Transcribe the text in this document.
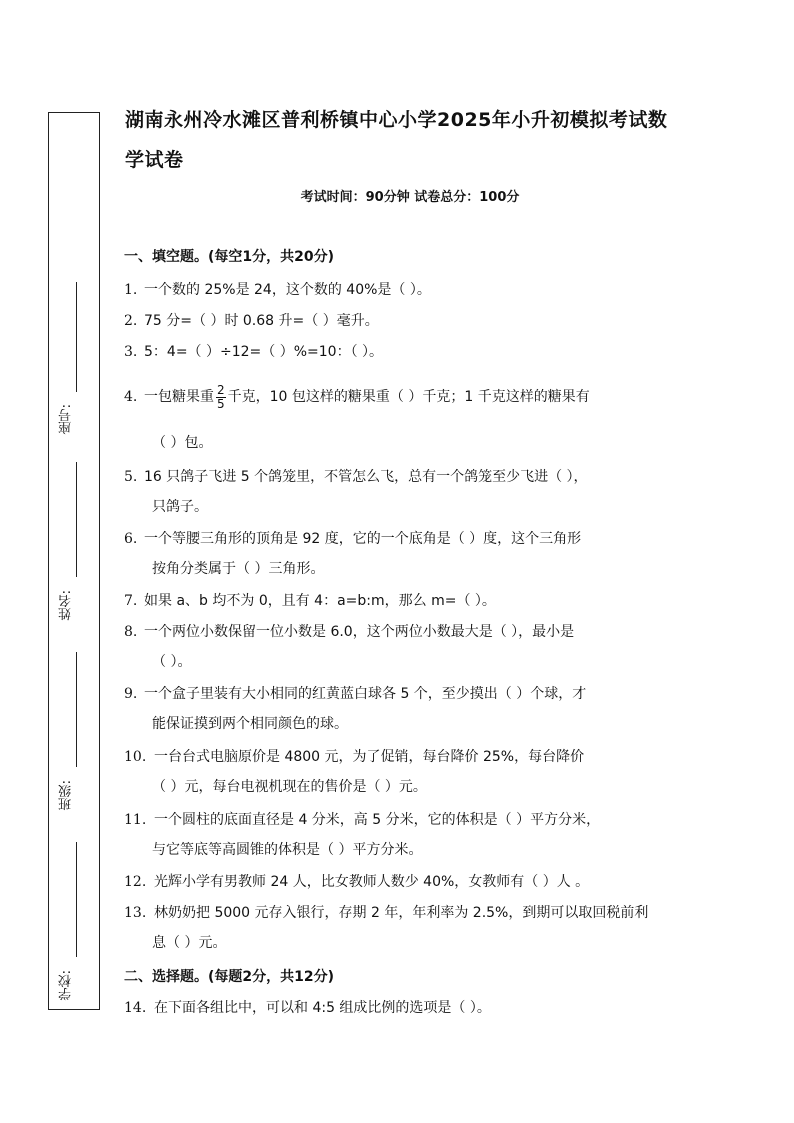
座号:
姓名:
班级:
学校:
湖南永州冷水滩区普利桥镇中心小学2025年小升初模拟考试数
学试卷
考试时间：90分钟 试卷总分：100分
一、填空题。(每空1分，共20分)
1. 一个数的 25%是 24，这个数的 40%是（ ）。
2. 75 分=（ ）时 0.68 升=（ ）毫升。
3. 5：4=（ ）÷12=（ ）%=10：（ ）。
4. 一包糖果重 $\frac{2}{5}$ 千克，10 包这样的糖果重（ ）千克；1 千克这样的糖果有
（ ）包。
5. 16 只鸽子飞进 5 个鸽笼里，不管怎么飞，总有一个鸽笼至少飞进（ ），
只鸽子。
6. 一个等腰三角形的顶角是 92 度，它的一个底角是（ ）度，这个三角形
按角分类属于（ ）三角形。
7. 如果 a、b 均不为 0，且有 4：a=b:m，那么 m=（ ）。
8. 一个两位小数保留一位小数是 6.0，这个两位小数最大是（ ），最小是
（ ）。
9. 一个盒子里装有大小相同的红黄蓝白球各 5 个，至少摸出（ ）个球，才
能保证摸到两个相同颜色的球。
10. 一台台式电脑原价是 4800 元，为了促销，每台降价 25%，每台降价
（ ）元，每台电视机现在的售价是（ ）元。
11. 一个圆柱的底面直径是 4 分米，高 5 分米，它的体积是（ ）平方分米，
与它等底等高圆锥的体积是（ ）平方分米。
12. 光辉小学有男教师 24 人，比女教师人数少 40%，女教师有（ ）人 。
13. 林奶奶把 5000 元存入银行，存期 2 年，年利率为 2.5%，到期可以取回税前利
息（ ）元。
二、选择题。(每题2分，共12分)
14. 在下面各组比中，可以和 4:5 组成比例的选项是（ ）。
